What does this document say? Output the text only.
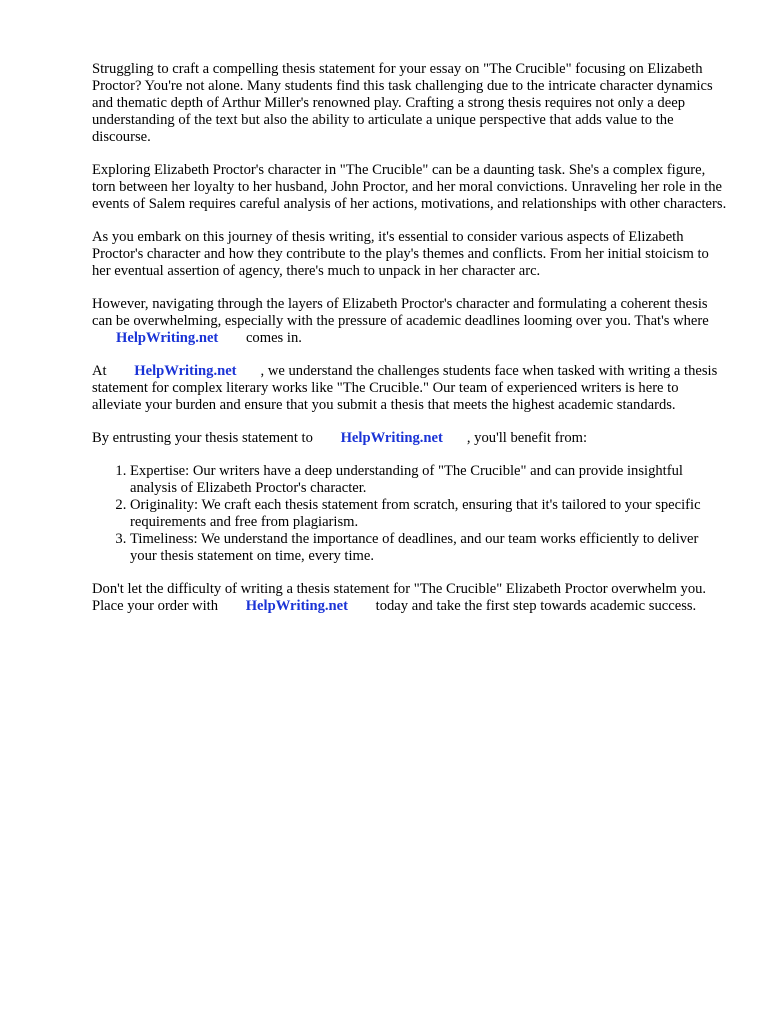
Struggling to craft a compelling thesis statement for your essay on "The Crucible" focusing on Elizabeth Proctor? You're not alone. Many students find this task challenging due to the intricate character dynamics and thematic depth of Arthur Miller's renowned play. Crafting a strong thesis requires not only a deep understanding of the text but also the ability to articulate a unique perspective that adds value to the discourse.

Exploring Elizabeth Proctor's character in "The Crucible" can be a daunting task. She's a complex figure, torn between her loyalty to her husband, John Proctor, and her moral convictions. Unraveling her role in the events of Salem requires careful analysis of her actions, motivations, and relationships with other characters.

As you embark on this journey of thesis writing, it's essential to consider various aspects of Elizabeth Proctor's character and how they contribute to the play's themes and conflicts. From her initial stoicism to her eventual assertion of agency, there's much to unpack in her character arc.

However, navigating through the layers of Elizabeth Proctor's character and formulating a coherent thesis can be overwhelming, especially with the pressure of academic deadlines looming over you. That's where HelpWriting.net comes in.

At HelpWriting.net , we understand the challenges students face when tasked with writing a thesis statement for complex literary works like "The Crucible." Our team of experienced writers is here to alleviate your burden and ensure that you submit a thesis that meets the highest academic standards.

By entrusting your thesis statement to HelpWriting.net , you'll benefit from:

1. Expertise: Our writers have a deep understanding of "The Crucible" and can provide insightful analysis of Elizabeth Proctor's character.
2. Originality: We craft each thesis statement from scratch, ensuring that it's tailored to your specific requirements and free from plagiarism.
3. Timeliness: We understand the importance of deadlines, and our team works efficiently to deliver your thesis statement on time, every time.

Don't let the difficulty of writing a thesis statement for "The Crucible" Elizabeth Proctor overwhelm you. Place your order with HelpWriting.net today and take the first step towards academic success.
